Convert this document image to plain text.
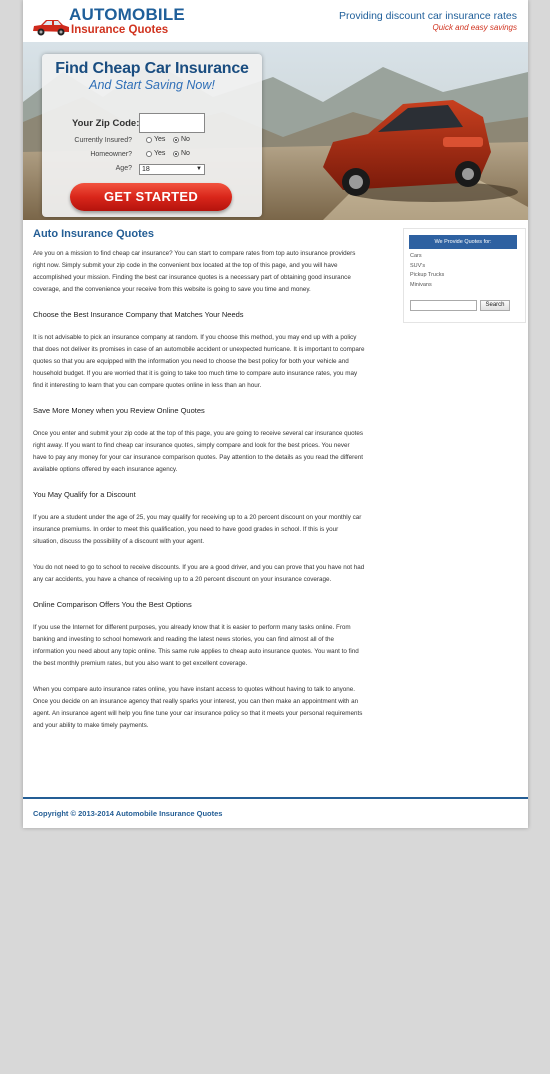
AUTOMOBILE
Insurance Quotes
Providing discount car insurance rates
Quick and easy savings
Find Cheap Car Insurance
And Start Saving Now!
Your Zip Code:
Currently Insured?	Yes	No
Homeowner?	Yes	No
Age?	18	▼
GET STARTED
Auto Insurance Quotes

Are you on a mission to find cheap car insurance? You can start to compare rates from top auto insurance providers right now. Simply submit your zip code in the convenient box located at the top of this page, and you will have accomplished your mission. Finding the best car insurance quotes is a necessary part of obtaining good insurance coverage, and the convenience your receive from this website is going to save you time and money.

Choose the Best Insurance Company that Matches Your Needs

It is not advisable to pick an insurance company at random. If you choose this method, you may end up with a policy that does not deliver its promises in case of an automobile accident or unexpected hurricane. It is important to compare quotes so that you are equipped with the information you need to choose the best policy for both your vehicle and household budget. If you are worried that it is going to take too much time to compare auto insurance rates, you may find it interesting to learn that you can compare quotes online in less than an hour.

Save More Money when you Review Online Quotes

Once you enter and submit your zip code at the top of this page, you are going to receive several car insurance quotes right away. If you want to find cheap car insurance quotes, simply compare and look for the best prices. You never have to pay any money for your car insurance comparison quotes. Pay attention to the details as you read the different available options offered by each insurance agency.

You May Qualify for a Discount

If you are a student under the age of 25, you may qualify for receiving up to a 20 percent discount on your monthly car insurance premiums. In order to meet this qualification, you need to have good grades in school. If this is your situation, discuss the possibility of a discount with your agent.

You do not need to go to school to receive discounts. If you are a good driver, and you can prove that you have not had any car accidents, you have a chance of receiving up to a 20 percent discount on your insurance coverage.

Online Comparison Offers You the Best Options

If you use the Internet for different purposes, you already know that it is easier to perform many tasks online. From banking and investing to school homework and reading the latest news stories, you can find almost all of the information you need about any topic online. This same rule applies to cheap auto insurance quotes. You want to find the best monthly premium rates, but you also want to get excellent coverage.

When you compare auto insurance rates online, you have instant access to quotes without having to talk to anyone. Once you decide on an insurance agency that really sparks your interest, you can then make an appointment with an agent. An insurance agent will help you fine tune your car insurance policy so that it meets your personal requirements and your ability to make timely payments.

We Provide Quotes for:
Cars
SUV's
Pickup Trucks
Minivans
Search
Copyright © 2013-2014 Automobile Insurance Quotes
